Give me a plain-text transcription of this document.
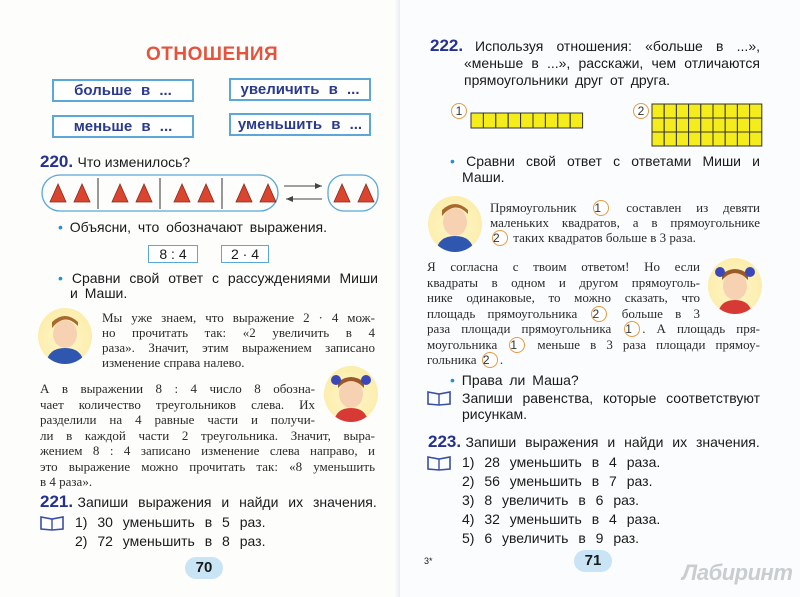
ОТНОШЕНИЯ
больше в ...	увеличить в ...
меньше в ...	уменьшить в ...
220. Что изменилось?
• Объясни, что обозначают выражения.
8 : 4	2 · 4
• Сравни свой ответ с рассуждениями Миши
и Маши.
Мы уже знаем, что выражение 2 · 4 мож-
но прочитать так: «2 увеличить в 4
раза». Значит, этим выражением записано
изменение справа налево.
А в выражении 8 : 4 число 8 обозна-
чает количество треугольников слева. Их
разделили на 4 равные части и получи-
ли в каждой части 2 треугольника. Значит, выра-
жением 8 : 4 записано изменение слева направо, и
это выражение можно прочитать так: «8 уменьшить
в 4 раза».
221. Запиши выражения и найди их значения.
1) 30 уменьшить в 5 раз.
2) 72 уменьшить в 8 раз.
70
222. Используя отношения: «больше в ...»,
«меньше в ...», расскажи, чем отличаются
прямоугольники друг от друга.
1	2
• Сравни свой ответ с ответами Миши и
Маши.
Прямоугольник 1 составлен из девяти
маленьких квадратов, а в прямоугольнике
2 таких квадратов больше в 3 раза.
Я согласна с твоим ответом! Но если
квадраты в одном и другом прямоуголь-
нике одинаковые, то можно сказать, что
площадь прямоугольника 2 больше в 3
раза площади прямоугольника 1 . А площадь пря-
моугольника 1 меньше в 3 раза площади прямоу-
гольника 2 .
• Права ли Маша?
Запиши равенства, которые соответствуют
рисункам.
223. Запиши выражения и найди их значения.
1) 28 уменьшить в 4 раза.
2) 56 уменьшить в 7 раз.
3) 8 увеличить в 6 раз.
4) 32 уменьшить в 4 раза.
5) 6 увеличить в 9 раз.
3*	71	Лабиринт
